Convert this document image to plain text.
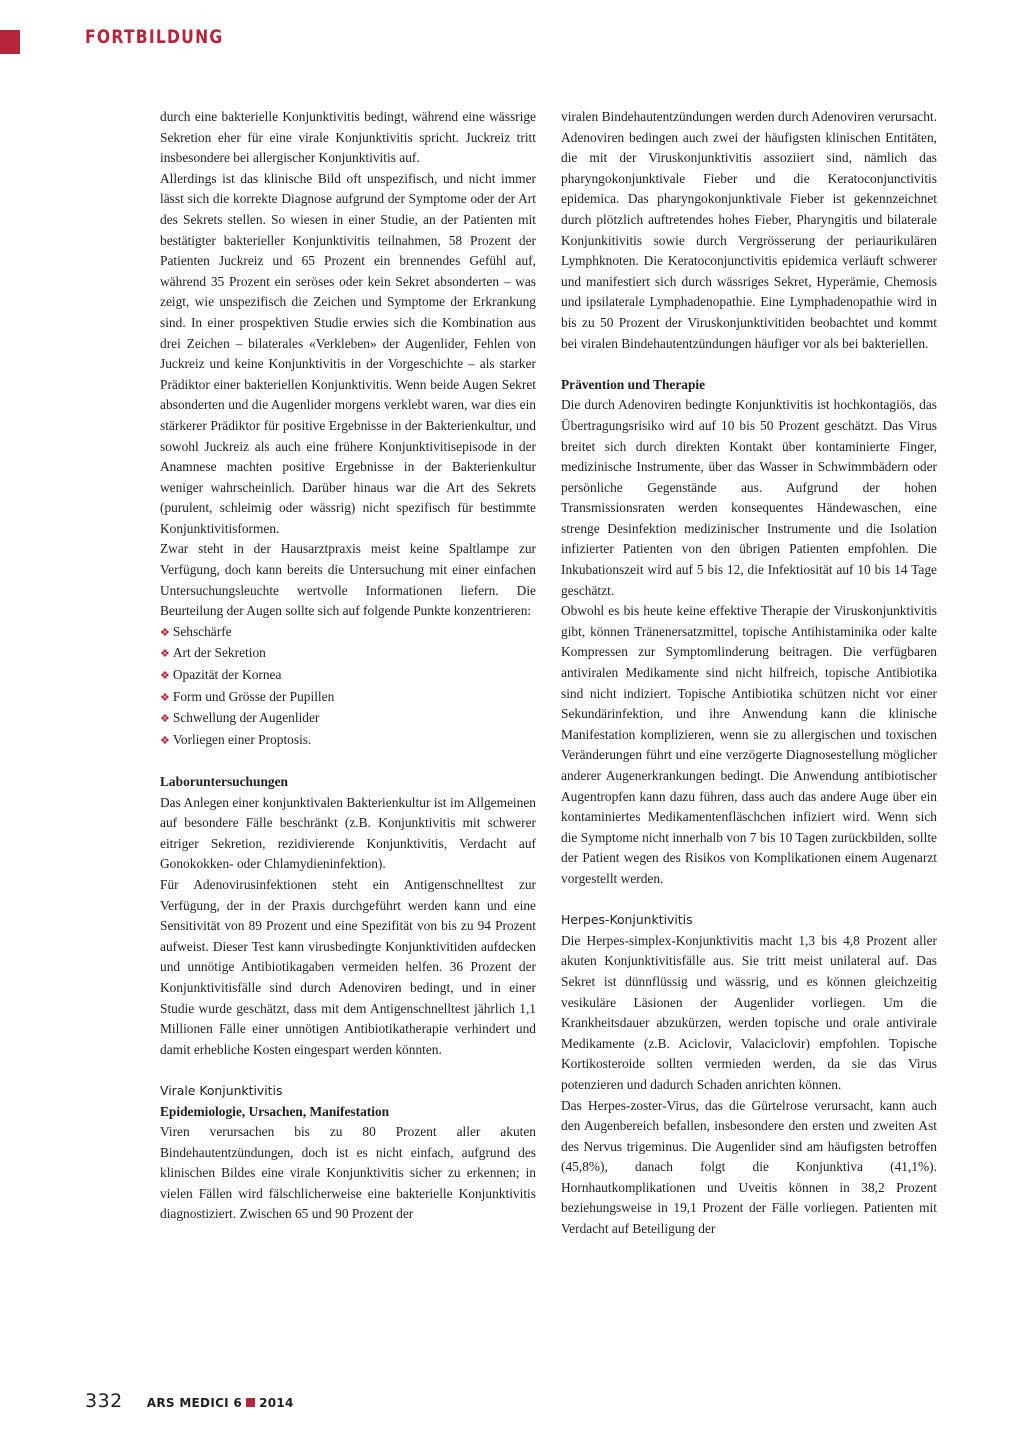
FORTBILDUNG

durch eine bakterielle Konjunktivitis bedingt, während eine wässrige Sekretion eher für eine virale Konjunktivitis spricht. Juckreiz tritt insbesondere bei allergischer Konjunktivitis auf.

Allerdings ist das klinische Bild oft unspezifisch, und nicht immer lässt sich die korrekte Diagnose aufgrund der Symptome oder der Art des Sekrets stellen. So wiesen in einer Studie, an der Patienten mit bestätigter bakterieller Konjunktivitis teilnahmen, 58 Prozent der Patienten Juckreiz und 65 Prozent ein brennendes Gefühl auf, während 35 Prozent ein seröses oder kein Sekret absonderten – was zeigt, wie unspezifisch die Zeichen und Symptome der Erkrankung sind. In einer prospektiven Studie erwies sich die Kombination aus drei Zeichen – bilaterales «Verkleben» der Augenlider, Fehlen von Juckreiz und keine Konjunktivitis in der Vorgeschichte – als starker Prädiktor einer bakteriellen Konjunktivitis. Wenn beide Augen Sekret absonderten und die Augenlider morgens verklebt waren, war dies ein stärkerer Prädiktor für positive Ergebnisse in der Bakterienkultur, und sowohl Juckreiz als auch eine frühere Konjunktivitisepisode in der Anamnese machten positive Ergebnisse in der Bakterienkultur weniger wahrscheinlich. Darüber hinaus war die Art des Sekrets (purulent, schleimig oder wässrig) nicht spezifisch für bestimmte Konjunktivitisformen.

Zwar steht in der Hausarztpraxis meist keine Spaltlampe zur Verfügung, doch kann bereits die Untersuchung mit einer einfachen Untersuchungsleuchte wertvolle Informationen liefern. Die Beurteilung der Augen sollte sich auf folgende Punkte konzentrieren:

❖ Sehschärfe
❖ Art der Sekretion
❖ Opazität der Kornea
❖ Form und Grösse der Pupillen
❖ Schwellung der Augenlider
❖ Vorliegen einer Proptosis.
Laboruntersuchungen

Das Anlegen einer konjunktivalen Bakterienkultur ist im Allgemeinen auf besondere Fälle beschränkt (z.B. Konjunktivitis mit schwerer eitriger Sekretion, rezidivierende Konjunktivitis, Verdacht auf Gonokokken- oder Chlamydieninfektion).

Für Adenovirusinfektionen steht ein Antigenschnelltest zur Verfügung, der in der Praxis durchgeführt werden kann und eine Sensitivität von 89 Prozent und eine Spezifität von bis zu 94 Prozent aufweist. Dieser Test kann virusbedingte Konjunktivitiden aufdecken und unnötige Antibiotikagaben vermeiden helfen. 36 Prozent der Konjunktivitisfälle sind durch Adenoviren bedingt, und in einer Studie wurde geschätzt, dass mit dem Antigenschnelltest jährlich 1,1 Millionen Fälle einer unnötigen Antibiotikatherapie verhindert und damit erhebliche Kosten eingespart werden könnten.

Virale Konjunktivitis
Epidemiologie, Ursachen, Manifestation

Viren verursachen bis zu 80 Prozent aller akuten Bindehautentzündungen, doch ist es nicht einfach, aufgrund des klinischen Bildes eine virale Konjunktivitis sicher zu erkennen; in vielen Fällen wird fälschlicherweise eine bakterielle Konjunktivitis diagnostiziert. Zwischen 65 und 90 Prozent der

viralen Bindehautentzündungen werden durch Adenoviren verursacht. Adenoviren bedingen auch zwei der häufigsten klinischen Entitäten, die mit der Viruskonjunktivitis assoziiert sind, nämlich das pharyngokonjunktivale Fieber und die Keratoconjunctivitis epidemica. Das pharyngokonjunktivale Fieber ist gekennzeichnet durch plötzlich auftretendes hohes Fieber, Pharyngitis und bilaterale Konjunkitivitis sowie durch Vergrösserung der periaurikulären Lymphknoten. Die Keratoconjunctivitis epidemica verläuft schwerer und manifestiert sich durch wässriges Sekret, Hyperämie, Chemosis und ipsilaterale Lymphadenopathie. Eine Lymphadenopathie wird in bis zu 50 Prozent der Viruskonjunktivitiden beobachtet und kommt bei viralen Bindehautentzündungen häufiger vor als bei bakteriellen.

Prävention und Therapie

Die durch Adenoviren bedingte Konjunktivitis ist hochkontagiös, das Übertragungsrisiko wird auf 10 bis 50 Prozent geschätzt. Das Virus breitet sich durch direkten Kontakt über kontaminierte Finger, medizinische Instrumente, über das Wasser in Schwimmbädern oder persönliche Gegenstände aus. Aufgrund der hohen Transmissionsraten werden konsequentes Händewaschen, eine strenge Desinfektion medizinischer Instrumente und die Isolation infizierter Patienten von den übrigen Patienten empfohlen. Die Inkubationszeit wird auf 5 bis 12, die Infektiosität auf 10 bis 14 Tage geschätzt.

Obwohl es bis heute keine effektive Therapie der Viruskonjunktivitis gibt, können Tränenersatzmittel, topische Antihistaminika oder kalte Kompressen zur Symptomlinderung beitragen. Die verfügbaren antiviralen Medikamente sind nicht hilfreich, topische Antibiotika sind nicht indiziert. Topische Antibiotika schützen nicht vor einer Sekundärinfektion, und ihre Anwendung kann die klinische Manifestation komplizieren, wenn sie zu allergischen und toxischen Veränderungen führt und eine verzögerte Diagnosestellung möglicher anderer Augenerkrankungen bedingt. Die Anwendung antibiotischer Augentropfen kann dazu führen, dass auch das andere Auge über ein kontaminiertes Medikamentenfläschchen infiziert wird. Wenn sich die Symptome nicht innerhalb von 7 bis 10 Tagen zurückbilden, sollte der Patient wegen des Risikos von Komplikationen einem Augenarzt vorgestellt werden.

Herpes-Konjunktivitis

Die Herpes-simplex-Konjunktivitis macht 1,3 bis 4,8 Prozent aller akuten Konjunktivitisfälle aus. Sie tritt meist unilateral auf. Das Sekret ist dünnflüssig und wässrig, und es können gleichzeitig vesikuläre Läsionen der Augenlider vorliegen. Um die Krankheitsdauer abzukürzen, werden topische und orale antivirale Medikamente (z.B. Aciclovir, Valaciclovir) empfohlen. Topische Kortikosteroide sollten vermieden werden, da sie das Virus potenzieren und dadurch Schaden anrichten können.

Das Herpes-zoster-Virus, das die Gürtelrose verursacht, kann auch den Augenbereich befallen, insbesondere den ersten und zweiten Ast des Nervus trigeminus. Die Augenlider sind am häufigsten betroffen (45,8%), danach folgt die Konjunktiva (41,1%). Hornhautkomplikationen und Uveitis können in 38,2 Prozent beziehungsweise in 19,1 Prozent der Fälle vorliegen. Patienten mit Verdacht auf Beteiligung der

332 ARS MEDICI 6 2014
